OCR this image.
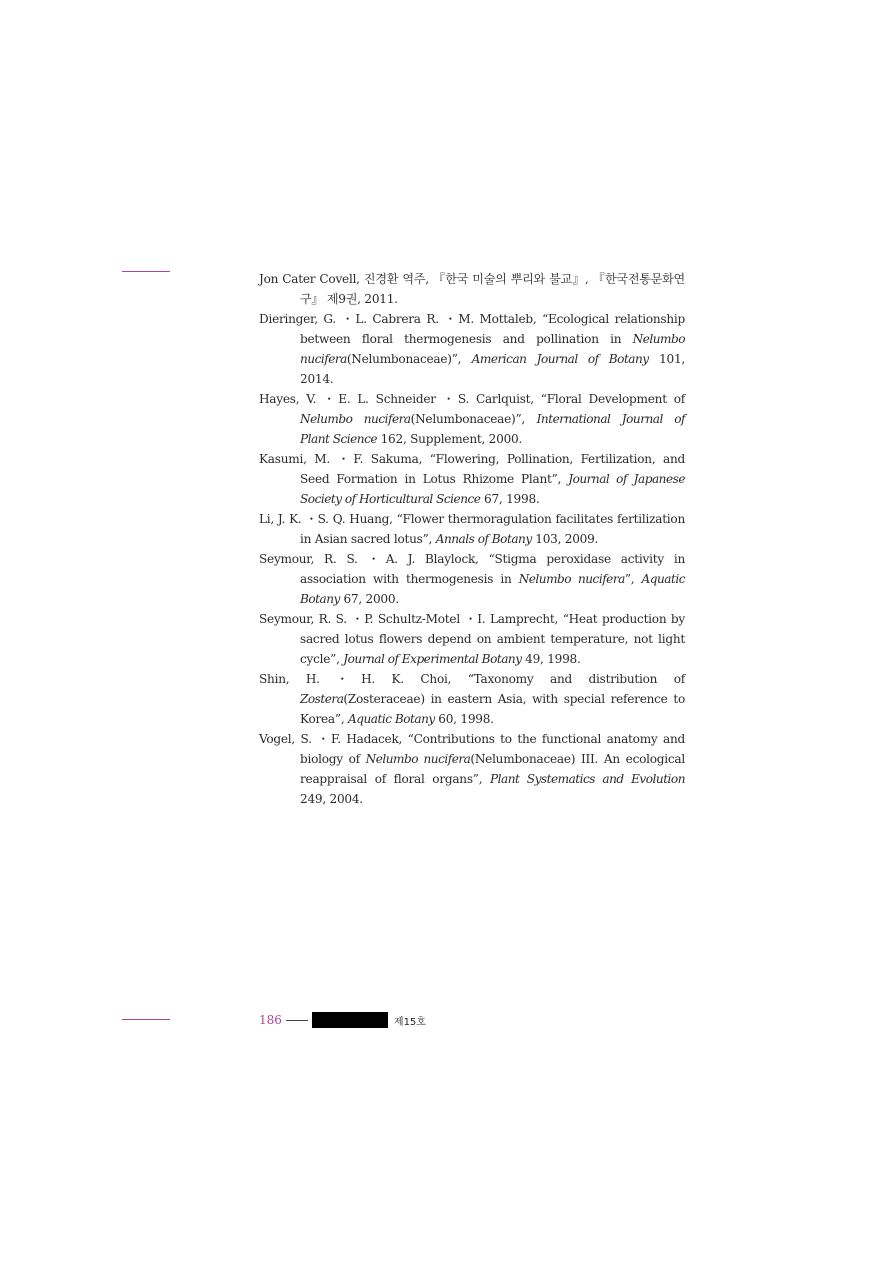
Jon Cater Covell, 진경환 역주, 『한국 미술의 뿌리와 불교』, 『한국전통문화연구』 제9권, 2011.

Dieringer, G. ・L. Cabrera R. ・M. Mottaleb, “Ecological relationship between floral thermogenesis and pollination in Nelumbo nucifera(Nelumbonaceae)”, American Journal of Botany 101, 2014.

Hayes, V. ・E. L. Schneider ・S. Carlquist, “Floral Development of Nelumbo nucifera(Nelumbonaceae)”, International Journal of Plant Science 162, Supplement, 2000.

Kasumi, M. ・F. Sakuma, “Flowering, Pollination, Fertilization, and Seed Formation in Lotus Rhizome Plant”, Journal of Japanese Society of Horticultural Science 67, 1998.

Li, J. K. ・S. Q. Huang, “Flower thermoragulation facilitates fertilization in Asian sacred lotus”, Annals of Botany 103, 2009.

Seymour, R. S. ・A. J. Blaylock, “Stigma peroxidase activity in association with thermogenesis in Nelumbo nucifera”, Aquatic Botany 67, 2000.

Seymour, R. S. ・P. Schultz-Motel ・I. Lamprecht, “Heat production by sacred lotus flowers depend on ambient temperature, not light cycle”, Journal of Experimental Botany 49, 1998.

Shin, H. ・H. K. Choi, “Taxonomy and distribution of Zostera(Zosteraceae) in eastern Asia, with special reference to Korea”, Aquatic Botany 60, 1998.

Vogel, S. ・F. Hadacek, “Contributions to the functional anatomy and biology of Nelumbo nucifera(Nelumbonaceae) III. An ecological reappraisal of floral organs”, Plant Systematics and Evolution 249, 2004.

186	제15호
